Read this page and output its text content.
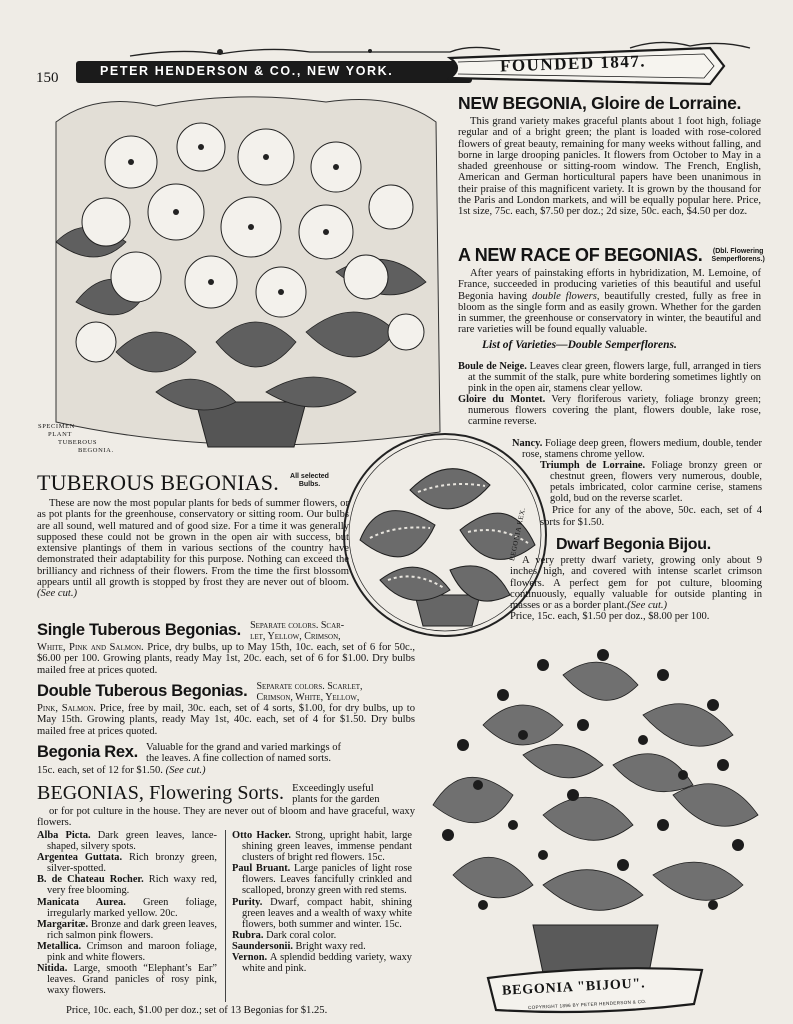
150	PETER HENDERSON & CO., NEW YORK.	FOUNDED 1847.
SPECIMEN
PLANT
TUBEROUS
BEGONIA.
BEGONIA REX.
BEGONIA "BIJOU".
COPYRIGHT 1896 BY PETER HENDERSON & CO.
NEW BEGONIA, Gloire de Lorraine.

This grand variety makes graceful plants about 1 foot high, foliage regular and of a bright green; the plant is loaded with rose-colored flowers of great beauty, remaining for many weeks without falling, and borne in large drooping panicles. It flowers from October to May in a shaded greenhouse or sitting-room window. The French, English, American and German horticultural papers have been unanimous in their praise of this magnificent variety. It is grown by the thousand for the Paris and London markets, and will be equally popular here. Price, 1st size, 75c. each, $7.50 per doz.; 2d size, 50c. each, $4.50 per doz.

A NEW RACE OF BEGONIAS. (Dbl. Flowering
Semperflorens.)

After years of painstaking efforts in hybridization, M. Lemoine, of France, succeeded in producing varieties of this beautiful and useful Begonia having double flowers, beautifully crested, fully as free in bloom as the single form and as easily grown. Whether for the garden in summer, the greenhouse or conservatory in winter, the beautiful and rare varieties will be found equally valuable.

List of Varieties—Double Semperflorens.

Boule de Neige. Leaves clear green, flowers large, full, arranged in tiers at the summit of the stalk, pure white bordering sometimes lightly on pink in the open air, stamens clear yellow.

Gloire du Montet. Very floriferous variety, foliage bronzy green; numerous flowers covering the plant, flowers double, lake rose, carmine reverse.

Nancy. Foliage deep green, flowers medium, double, tender rose, stamens chrome yellow.

Triumph de Lorraine. Foliage bronzy green or chestnut green, flowers very numerous, double, petals imbricated, color carmine cerise, stamens gold, bud on the reverse scarlet.

Price for any of the above, 50c. each, set of 4 sorts for $1.50.

Dwarf Begonia Bijou.

A very pretty dwarf variety, growing only about 9 inches high, and covered with intense scarlet crimson flowers. A perfect gem for pot culture, blooming continuously, equally valuable for outside planting in masses or as a border plant.(See cut.)

Price, 15c. each, $1.50 per doz., $8.00 per 100.

TUBEROUS BEGONIAS. All selected
Bulbs.

These are now the most popular plants for beds of summer flowers, or as pot plants for the greenhouse, conservatory or sitting room. Our bulbs are all sound, well matured and of good size. For a time it was generally supposed these could not be grown in the open air with success, but extensive plantings of them in various sections of the country have demonstrated their adaptability for this purpose. Nothing can exceed the brilliancy and richness of their flowers. From the time the first blossom appears until all growth is stopped by frost they are never out of bloom. (See cut.)

Single Tuberous Begonias. Separate colors. Scar-
let, Yellow, Crimson,

White, Pink and Salmon. Price, dry bulbs, up to May 15th, 10c. each, set of 6 for 50c., $6.00 per 100. Growing plants, ready May 1st, 20c. each, set of 6 for $1.00. Dry bulbs mailed free at prices quoted.

Double Tuberous Begonias. Separate colors. Scarlet,
Crimson, White, Yellow,

Pink, Salmon. Price, free by mail, 30c. each, set of 4 sorts, $1.00, for dry bulbs, up to May 15th. Growing plants, ready May 1st, 40c. each, set of 4 for $1.50. Dry bulbs mailed free at prices quoted.

Begonia Rex. Valuable for the grand and varied markings of
the leaves. A fine collection of named sorts.

15c. each, set of 12 for $1.50. (See cut.)

BEGONIAS, Flowering Sorts. Exceedingly useful
plants for the garden

or for pot culture in the house. They are never out of bloom and have graceful, waxy flowers.

Alba Picta. Dark green leaves, lance-shaped, silvery spots.

Argentea Guttata. Rich bronzy green, silver-spotted.

B. de Chateau Rocher. Rich waxy red, very free blooming.

Manicata Aurea. Green foliage, irregularly marked yellow. 20c.

Margaritæ. Bronze and dark green leaves, rich salmon pink flowers.

Metallica. Crimson and maroon foliage, pink and white flowers.

Nitida. Large, smooth “Elephant’s Ear” leaves. Grand panicles of rosy pink, waxy flowers.

Otto Hacker. Strong, upright habit, large shining green leaves, immense pendant clusters of bright red flowers. 15c.

Paul Bruant. Large panicles of light rose flowers. Leaves fancifully crinkled and scalloped, bronzy green with red stems.

Purity. Dwarf, compact habit, shining green leaves and a wealth of waxy white flowers, both summer and winter. 15c.

Rubra. Dark coral color.

Saundersonii. Bright waxy red.

Vernon. A splendid bedding variety, waxy white and pink.

Price, 10c. each, $1.00 per doz.; set of 13 Begonias for $1.25.
